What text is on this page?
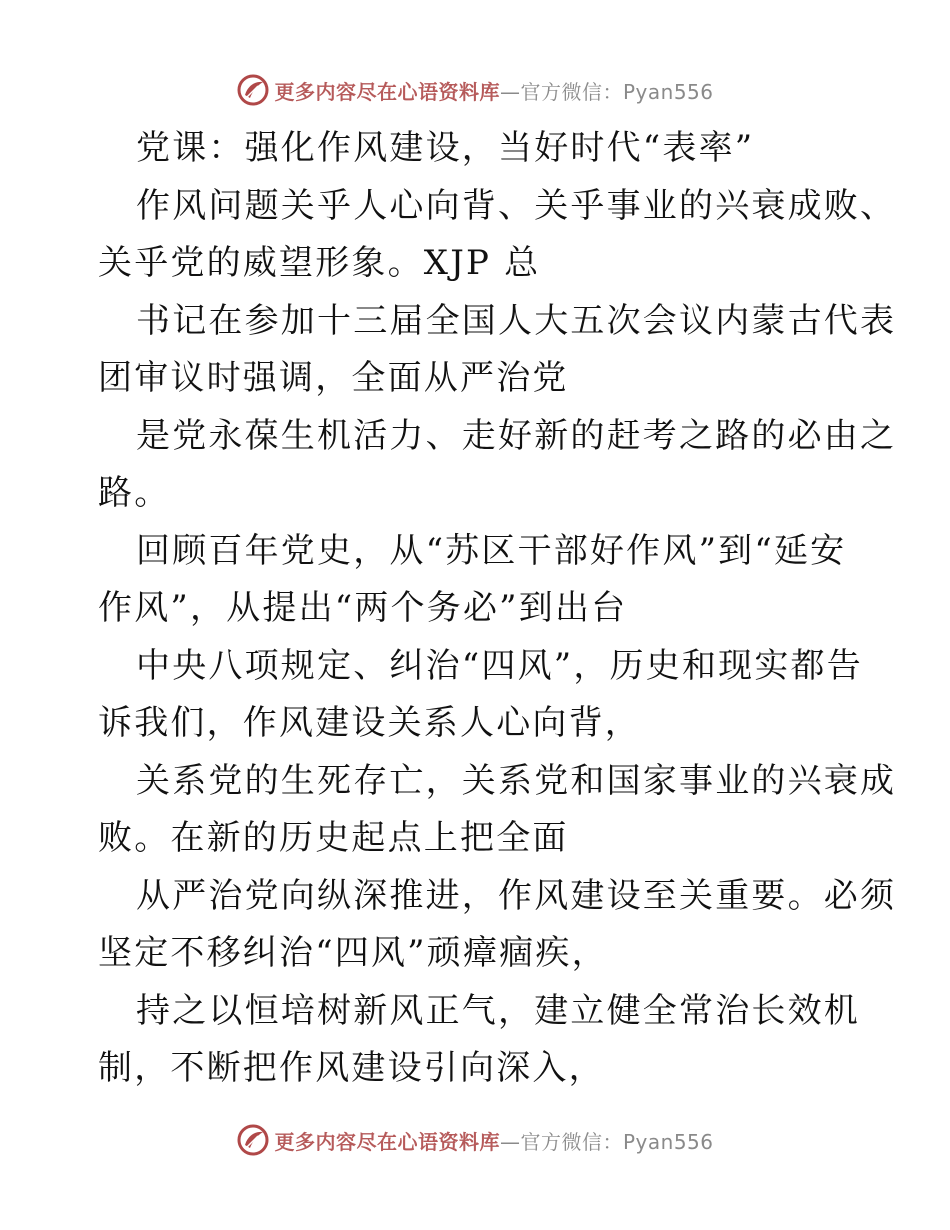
更多内容尽在心语资料库—官方微信：Pyan556
党课：强化作风建设，当好时代“表率”
作风问题关乎人心向背、关乎事业的兴衰成败、
关乎党的威望形象。XJP 总
书记在参加十三届全国人大五次会议内蒙古代表
团审议时强调，全面从严治党
是党永葆生机活力、走好新的赶考之路的必由之
路。
回顾百年党史，从“苏区干部好作风”到“延安
作风”，从提出“两个务必”到出台
中央八项规定、纠治“四风”，历史和现实都告
诉我们，作风建设关系人心向背，
关系党的生死存亡，关系党和国家事业的兴衰成
败。在新的历史起点上把全面
从严治党向纵深推进，作风建设至关重要。必须
坚定不移纠治“四风”顽瘴痼疾，
持之以恒培树新风正气，建立健全常治长效机
制，不断把作风建设引向深入，
更多内容尽在心语资料库—官方微信：Pyan556
